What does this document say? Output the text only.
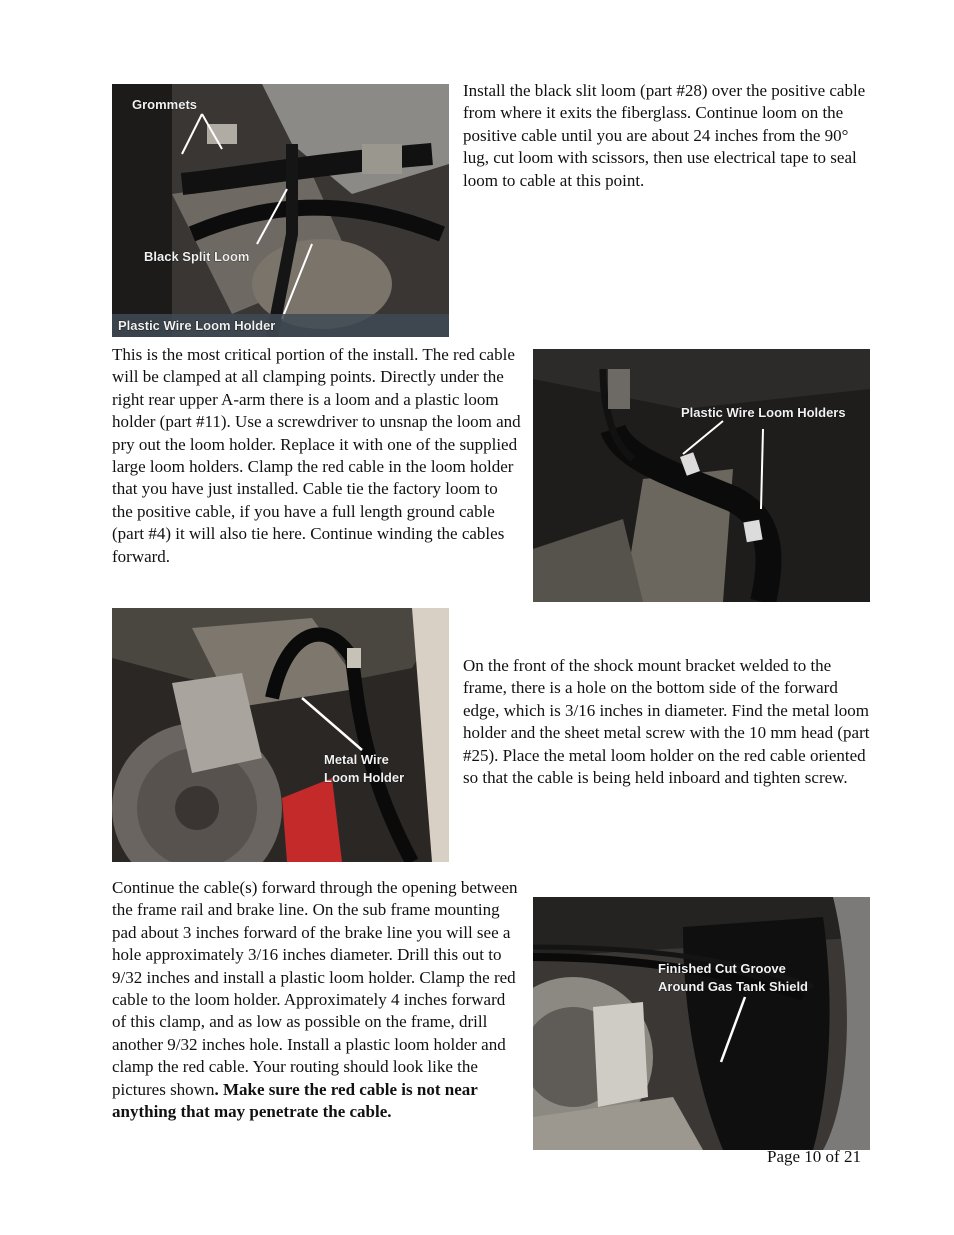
Grommets
Black Split Loom
Plastic Wire Loom Holder

Install the black slit loom (part #28) over the positive cable from where it exits the fiberglass. Continue loom on the positive cable until you are about 24 inches from the 90° lug, cut loom with scissors, then use electrical tape to seal loom to cable at this point.

This is the most critical portion of the install. The red cable will be clamped at all clamping points. Directly under the right rear upper A-arm there is a loom and a plastic loom holder (part #11). Use a screwdriver to unsnap the loom and pry out the loom holder. Replace it with one of the supplied large loom holders. Clamp the red cable in the loom holder that you have just installed. Cable tie the factory loom to the positive cable, if you have a full length ground cable (part #4) it will also tie here. Continue winding the cables forward.

Plastic Wire Loom Holders
Metal Wire
Loom Holder

On the front of the shock mount bracket welded to the frame, there is a hole on the bottom side of the forward edge, which is 3/16 inches in diameter. Find the metal loom holder and the sheet metal screw with the 10 mm head (part #25). Place the metal loom holder on the red cable oriented so that the cable is being held inboard and tighten screw.

Continue the cable(s) forward through the opening between the frame rail and brake line. On the sub frame mounting pad about 3 inches forward of the brake line you will see a hole approximately 3/16 inches diameter. Drill this out to 9/32 inches and install a plastic loom holder. Clamp the red cable to the loom holder. Approximately 4 inches forward of this clamp, and as low as possible on the frame, drill another 9/32 inches hole. Install a plastic loom holder and clamp the red cable. Your routing should look like the pictures shown. Make sure the red cable is not near anything that may penetrate the cable.

Finished Cut Groove
Around Gas Tank Shield
Page 10 of 21
